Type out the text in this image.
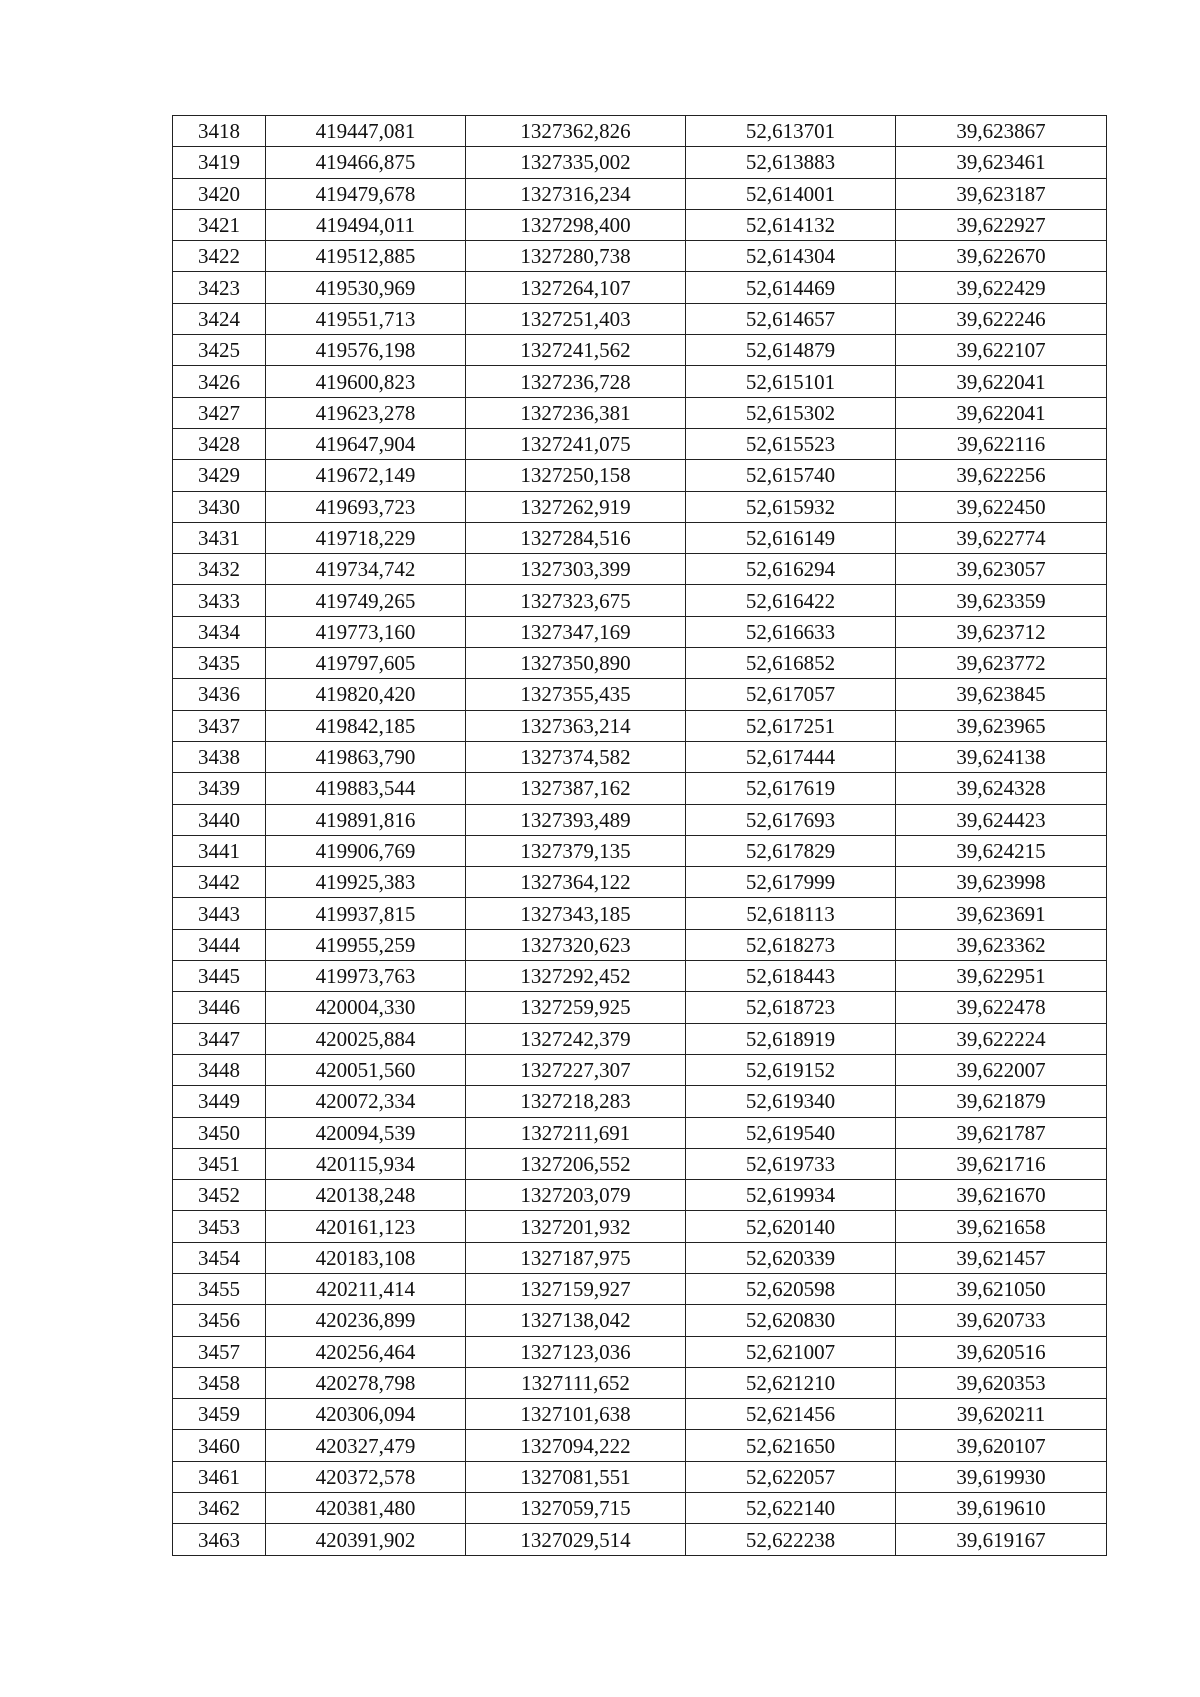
3418	419447,081	1327362,826	52,613701	39,623867
3419	419466,875	1327335,002	52,613883	39,623461
3420	419479,678	1327316,234	52,614001	39,623187
3421	419494,011	1327298,400	52,614132	39,622927
3422	419512,885	1327280,738	52,614304	39,622670
3423	419530,969	1327264,107	52,614469	39,622429
3424	419551,713	1327251,403	52,614657	39,622246
3425	419576,198	1327241,562	52,614879	39,622107
3426	419600,823	1327236,728	52,615101	39,622041
3427	419623,278	1327236,381	52,615302	39,622041
3428	419647,904	1327241,075	52,615523	39,622116
3429	419672,149	1327250,158	52,615740	39,622256
3430	419693,723	1327262,919	52,615932	39,622450
3431	419718,229	1327284,516	52,616149	39,622774
3432	419734,742	1327303,399	52,616294	39,623057
3433	419749,265	1327323,675	52,616422	39,623359
3434	419773,160	1327347,169	52,616633	39,623712
3435	419797,605	1327350,890	52,616852	39,623772
3436	419820,420	1327355,435	52,617057	39,623845
3437	419842,185	1327363,214	52,617251	39,623965
3438	419863,790	1327374,582	52,617444	39,624138
3439	419883,544	1327387,162	52,617619	39,624328
3440	419891,816	1327393,489	52,617693	39,624423
3441	419906,769	1327379,135	52,617829	39,624215
3442	419925,383	1327364,122	52,617999	39,623998
3443	419937,815	1327343,185	52,618113	39,623691
3444	419955,259	1327320,623	52,618273	39,623362
3445	419973,763	1327292,452	52,618443	39,622951
3446	420004,330	1327259,925	52,618723	39,622478
3447	420025,884	1327242,379	52,618919	39,622224
3448	420051,560	1327227,307	52,619152	39,622007
3449	420072,334	1327218,283	52,619340	39,621879
3450	420094,539	1327211,691	52,619540	39,621787
3451	420115,934	1327206,552	52,619733	39,621716
3452	420138,248	1327203,079	52,619934	39,621670
3453	420161,123	1327201,932	52,620140	39,621658
3454	420183,108	1327187,975	52,620339	39,621457
3455	420211,414	1327159,927	52,620598	39,621050
3456	420236,899	1327138,042	52,620830	39,620733
3457	420256,464	1327123,036	52,621007	39,620516
3458	420278,798	1327111,652	52,621210	39,620353
3459	420306,094	1327101,638	52,621456	39,620211
3460	420327,479	1327094,222	52,621650	39,620107
3461	420372,578	1327081,551	52,622057	39,619930
3462	420381,480	1327059,715	52,622140	39,619610
3463	420391,902	1327029,514	52,622238	39,619167
